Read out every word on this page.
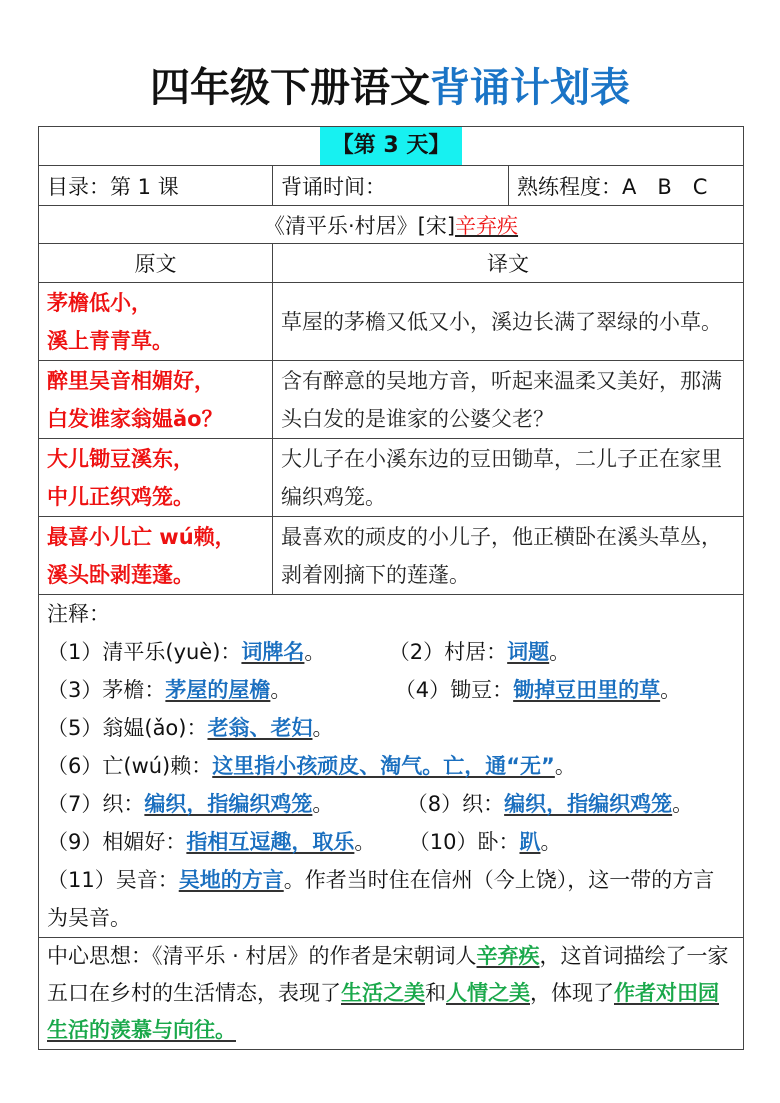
四年级下册语文背诵计划表
【第 3 天】		
目录：第 1 课	背诵时间：	熟练程度：A　B　C
《清平乐·村居》[宋]辛弃疾		
原文	译文	

茅檐低小，
溪上青青草。	草屋的茅檐又低又小，溪边长满了翠绿的小草。	

醉里吴音相媚好，
白发谁家翁媪ǎo？	含有醉意的吴地方音，听起来温柔又美好，那满头白发的是谁家的公婆父老？	

大儿锄豆溪东，
中儿正织鸡笼。	大儿子在小溪东边的豆田锄草，二儿子正在家里编织鸡笼。	

最喜小儿亡 wú赖，
溪头卧剥莲蓬。	最喜欢的顽皮的小儿子，他正横卧在溪头草丛，剥着刚摘下的莲蓬。	

注释：
（1）清平乐(yuè)：词牌名。	（2）村居：词题。
（3）茅檐：茅屋的屋檐。	（4）锄豆：锄掉豆田里的草。
（5）翁媪(ǎo)：老翁、老妇。
（6）亡(wú)赖：这里指小孩顽皮、淘气。亡，通“无”。
（7）织：编织，指编织鸡笼。	（8）织：编织，指编织鸡笼。
（9）相媚好：指相互逗趣，取乐。 （10）卧：趴。
（11）吴音：吴地的方言。作者当时住在信州（今上饶），这一带的方言为吴音。

中心思想：《清平乐 · 村居》的作者是宋朝词人辛弃疾，这首词描绘了一家五口在乡村的生活情态，表现了生活之美和人情之美，体现了作者对田园生活的羡慕与向往。		
